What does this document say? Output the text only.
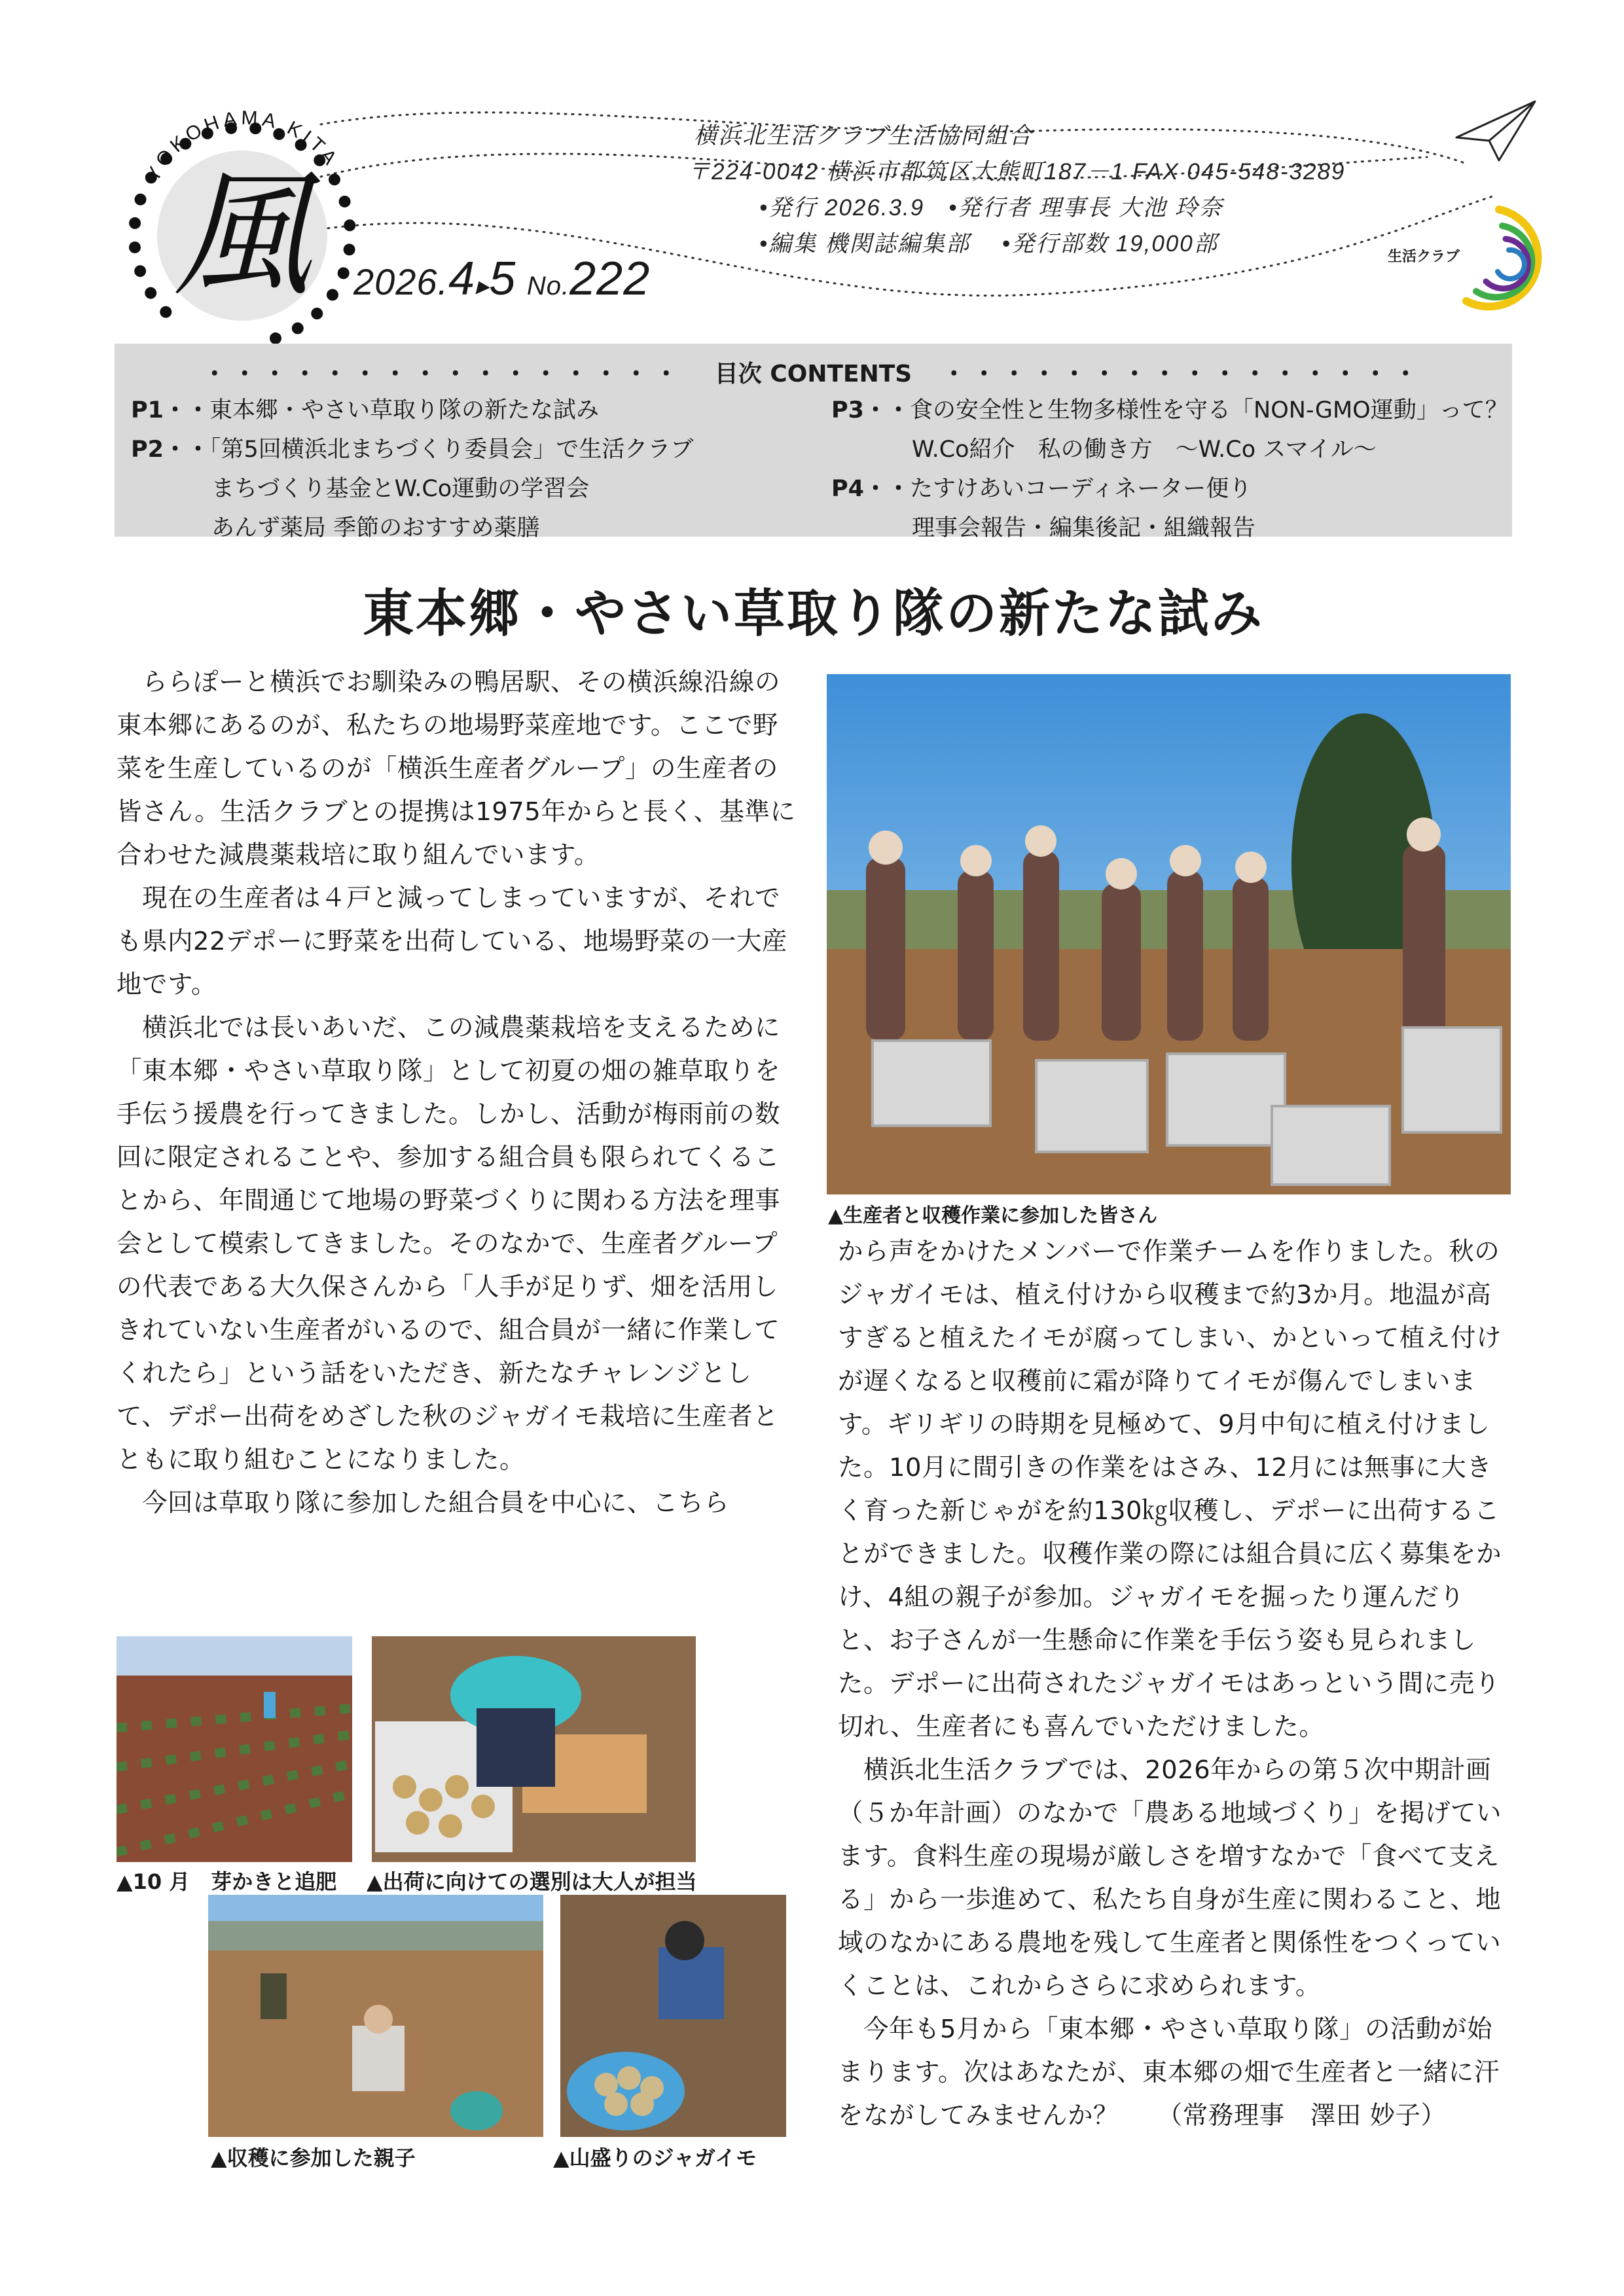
YOKOHAMA KITA
風 2026.4▸5 No.222
横浜北生活クラブ生活協同組合
〒224-0042 横浜市都筑区大熊町187－1 FAX 045-548-3289
•発行 2026.3.9　•発行者 理事長 大池 玲奈
•編集 機関誌編集部　 •発行部数 19,000部
生活クラブ
・・・・・・・・・・・・・・・・　目次 CONTENTS　・・・・・・・・・・・・・・・・
P1・・東本郷・やさい草取り隊の新たな試み
P2・・「第5回横浜北まちづくり委員会」で生活クラブ
まちづくり基金とW.Co運動の学習会
あんず薬局 季節のおすすめ薬膳
P3・・食の安全性と生物多様性を守る「NON-GMO運動」って？
W.Co紹介　私の働き方　～W.Co スマイル～
P4・・たすけあいコーディネーター便り
理事会報告・編集後記・組織報告
東本郷・やさい草取り隊の新たな試み

　ららぽーと横浜でお馴染みの鴨居駅、その横浜線沿線の東本郷にあるのが、私たちの地場野菜産地です。ここで野菜を生産しているのが「横浜生産者グループ」の生産者の皆さん。生活クラブとの提携は1975年からと長く、基準に合わせた減農薬栽培に取り組んでいます。

　現在の生産者は４戸と減ってしまっていますが、それでも県内22デポーに野菜を出荷している、地場野菜の一大産地です。

　横浜北では長いあいだ、この減農薬栽培を支えるために「東本郷・やさい草取り隊」として初夏の畑の雑草取りを手伝う援農を行ってきました。しかし、活動が梅雨前の数回に限定されることや、参加する組合員も限られてくることから、年間通じて地場の野菜づくりに関わる方法を理事会として模索してきました。そのなかで、生産者グループの代表である大久保さんから「人手が足りず、畑を活用しきれていない生産者がいるので、組合員が一緒に作業してくれたら」という話をいただき、新たなチャレンジとして、デポー出荷をめざした秋のジャガイモ栽培に生産者とともに取り組むことになりました。

　今回は草取り隊に参加した組合員を中心に、こちら

▲生産者と収穫作業に参加した皆さん

から声をかけたメンバーで作業チームを作りました。秋のジャガイモは、植え付けから収穫まで約3か月。地温が高すぎると植えたイモが腐ってしまい、かといって植え付けが遅くなると収穫前に霜が降りてイモが傷んでしまいます。ギリギリの時期を見極めて、9月中旬に植え付けました。10月に間引きの作業をはさみ、12月には無事に大きく育った新じゃがを約130㎏収穫し、デポーに出荷することができました。収穫作業の際には組合員に広く募集をかけ、4組の親子が参加。ジャガイモを掘ったり運んだりと、お子さんが一生懸命に作業を手伝う姿も見られました。デポーに出荷されたジャガイモはあっという間に売り切れ、生産者にも喜んでいただけました。

　横浜北生活クラブでは、2026年からの第５次中期計画（５か年計画）のなかで「農ある地域づくり」を掲げています。食料生産の現場が厳しさを増すなかで「食べて支える」から一歩進めて、私たち自身が生産に関わること、地域のなかにある農地を残して生産者と関係性をつくっていくことは、これからさらに求められます。

　今年も5月から「東本郷・やさい草取り隊」の活動が始まります。次はあなたが、東本郷の畑で生産者と一緒に汗をながしてみませんか？　　（常務理事　澤田 妙子）

▲10 月　芽かきと追肥 ▲出荷に向けての選別は大人が担当
▲収穫に参加した親子	▲山盛りのジャガイモ
